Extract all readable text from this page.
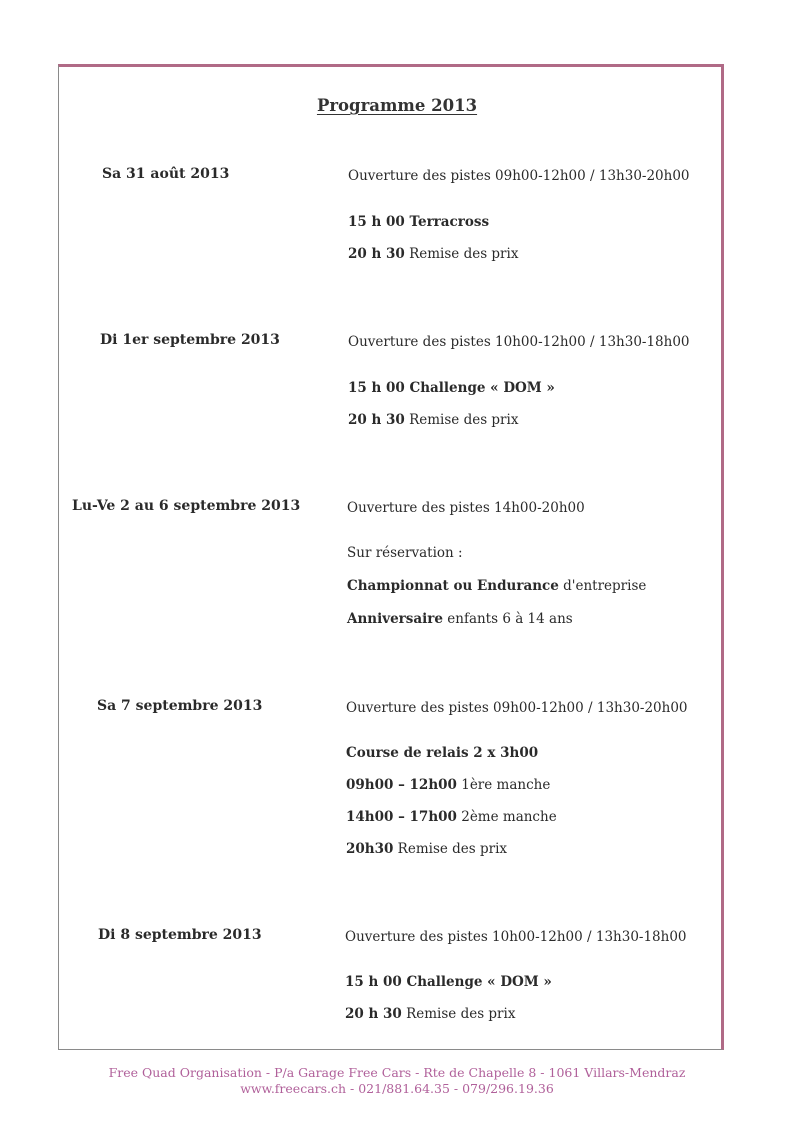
Programme 2013
Sa 31 août 2013	Ouverture des pistes 09h00-12h00 / 13h30-20h00
15 h 00 Terracross
20 h 30 Remise des prix
Di 1er septembre 2013	Ouverture des pistes 10h00-12h00 / 13h30-18h00
15 h 00 Challenge « DOM »
20 h 30 Remise des prix
Lu-Ve 2 au 6 septembre 2013	Ouverture des pistes 14h00-20h00
Sur réservation :
Championnat ou Endurance d'entreprise
Anniversaire enfants 6 à 14 ans
Sa 7 septembre 2013	Ouverture des pistes 09h00-12h00 / 13h30-20h00
Course de relais 2 x 3h00
09h00 – 12h00 1ère manche
14h00 – 17h00 2ème manche
20h30 Remise des prix
Di 8 septembre 2013	Ouverture des pistes 10h00-12h00 / 13h30-18h00
15 h 00 Challenge « DOM »
20 h 30 Remise des prix
Free Quad Organisation - P/a Garage Free Cars - Rte de Chapelle 8 - 1061 Villars-Mendraz
www.freecars.ch - 021/881.64.35 - 079/296.19.36
